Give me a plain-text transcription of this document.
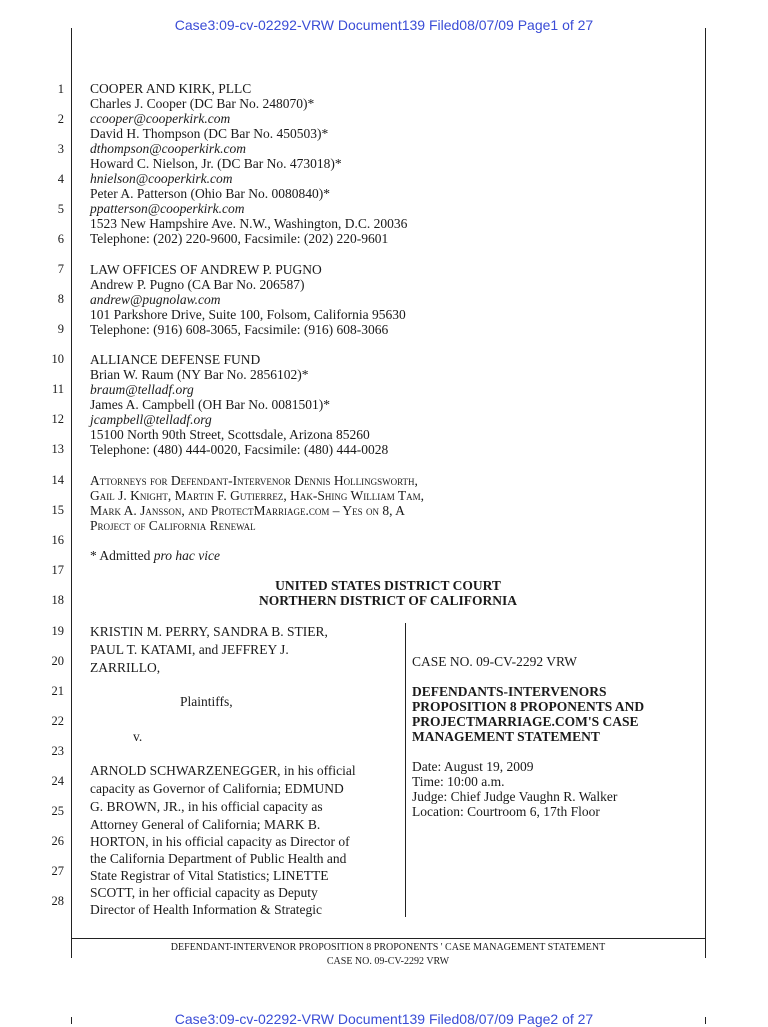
Case3:09-cv-02292-VRW Document139 Filed08/07/09 Page1 of 27
1
2
3
4
5
6
7
8
9
10
11
12
13
14
15
16
17
18
19
20
21
22
23
24
25
26
27
28
COOPER AND KIRK, PLLC
Charles J. Cooper (DC Bar No. 248070)*
ccooper@cooperkirk.com
David H. Thompson (DC Bar No. 450503)*
dthompson@cooperkirk.com
Howard C. Nielson, Jr. (DC Bar No. 473018)*
hnielson@cooperkirk.com
Peter A. Patterson (Ohio Bar No. 0080840)*
ppatterson@cooperkirk.com
1523 New Hampshire Ave. N.W., Washington, D.C. 20036
Telephone: (202) 220-9600, Facsimile: (202) 220-9601
LAW OFFICES OF ANDREW P. PUGNO
Andrew P. Pugno (CA Bar No. 206587)
andrew@pugnolaw.com
101 Parkshore Drive, Suite 100, Folsom, California 95630
Telephone: (916) 608-3065, Facsimile: (916) 608-3066
ALLIANCE DEFENSE FUND
Brian W. Raum (NY Bar No. 2856102)*
braum@telladf.org
James A. Campbell (OH Bar No. 0081501)*
jcampbell@telladf.org
15100 North 90th Street, Scottsdale, Arizona 85260
Telephone: (480) 444-0020, Facsimile: (480) 444-0028
Attorneys for Defendant-Intervenor Dennis Hollingsworth,
Gail J. Knight, Martin F. Gutierrez, Hak-Shing William Tam,
Mark A. Jansson, and ProtectMarriage.com – Yes on 8, A
Project of California Renewal
* Admitted pro hac vice
UNITED STATES DISTRICT COURT
NORTHERN DISTRICT OF CALIFORNIA
KRISTIN M. PERRY, SANDRA B. STIER,
PAUL T. KATAMI, and JEFFREY J.
ZARRILLO,
Plaintiffs,
v.
ARNOLD SCHWARZENEGGER, in his official
capacity as Governor of California; EDMUND
G. BROWN, JR., in his official capacity as
Attorney General of California; MARK B.
HORTON, in his official capacity as Director of
the California Department of Public Health and
State Registrar of Vital Statistics; LINETTE
SCOTT, in her official capacity as Deputy
Director of Health Information & Strategic
CASE NO. 09-CV-2292 VRW
DEFENDANTS-INTERVENORS
PROPOSITION 8 PROPONENTS AND
PROJECTMARRIAGE.COM'S CASE
MANAGEMENT STATEMENT
Date: August 19, 2009
Time: 10:00 a.m.
Judge: Chief Judge Vaughn R. Walker
Location: Courtroom 6, 17th Floor
DEFENDANT-INTERVENOR PROPOSITION 8 PROPONENTS ' CASE MANAGEMENT STATEMENT
CASE NO. 09-CV-2292 VRW
Case3:09-cv-02292-VRW Document139 Filed08/07/09 Page2 of 27
